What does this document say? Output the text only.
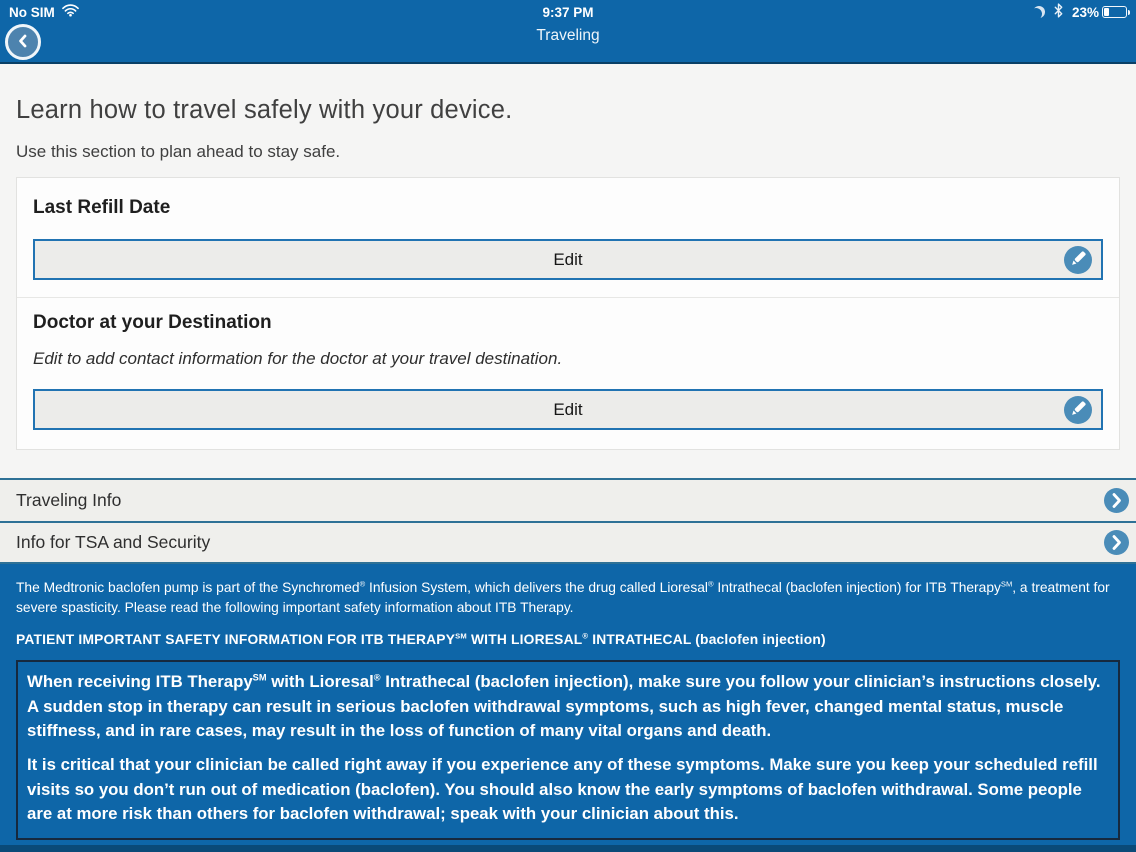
No SIM	9:37 PM	23%
Traveling
Learn how to travel safely with your device.

Use this section to plan ahead to stay safe.

Last Refill Date
Edit
Doctor at your Destination

Edit to add contact information for the doctor at your travel destination.

Edit
Traveling Info
Info for TSA and Security

The Medtronic baclofen pump is part of the Synchromed® Infusion System, which delivers the drug called Lioresal® Intrathecal (baclofen injection) for ITB Therapy℠, a treatment for severe spasticity. Please read the following important safety information about ITB Therapy.

PATIENT IMPORTANT SAFETY INFORMATION FOR ITB THERAPY℠ WITH LIORESAL® INTRATHECAL (baclofen injection)

When receiving ITB Therapy℠ with Lioresal® Intrathecal (baclofen injection), make sure you follow your clinician’s instructions closely. A sudden stop in therapy can result in serious baclofen withdrawal symptoms, such as high fever, changed mental status, muscle stiffness, and in rare cases, may result in the loss of function of many vital organs and death.

It is critical that your clinician be called right away if you experience any of these symptoms. Make sure you keep your scheduled refill visits so you don’t run out of medication (baclofen). You should also know the early symptoms of baclofen withdrawal. Some people are at more risk than others for baclofen withdrawal; speak with your clinician about this.
